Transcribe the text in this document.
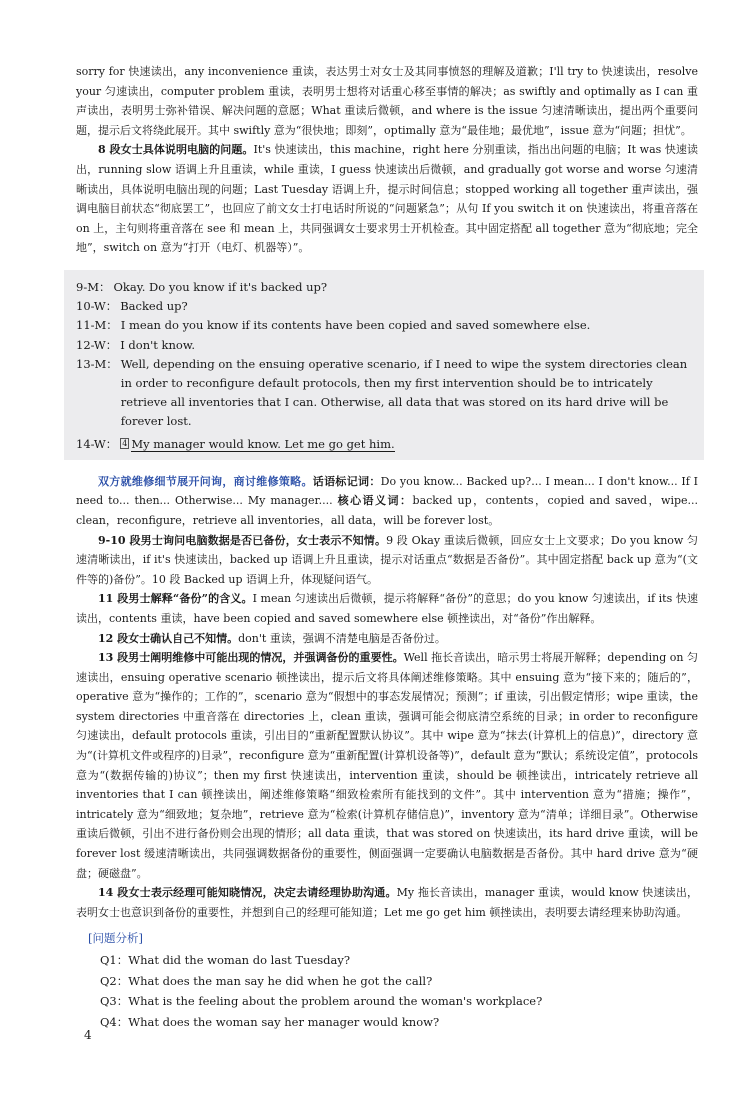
sorry for 快速读出，any inconvenience 重读，表达男士对女士及其同事愤怒的理解及道歉；I'll try to 快速读出，resolve your 匀速读出，computer problem 重读，表明男士想将对话重心移至事情的解决；as swiftly and optimally as I can 重声读出，表明男士弥补错误、解决问题的意愿；What 重读后微顿，and where is the issue 匀速清晰读出，提出两个重要问题，提示后文将绕此展开。其中 swiftly 意为“很快地；即刻”，optimally 意为“最佳地；最优地”，issue 意为“问题；担忧”。

8 段女士具体说明电脑的问题。It's 快速读出，this machine，right here 分别重读，指出出问题的电脑；It was 快速读出，running slow 语调上升且重读，while 重读，I guess 快速读出后微顿，and gradually got worse and worse 匀速清晰读出，具体说明电脑出现的问题；Last Tuesday 语调上升，提示时间信息；stopped working all together 重声读出，强调电脑目前状态“彻底罢工”，也回应了前文女士打电话时所说的“问题紧急”；从句 If you switch it on 快速读出，将重音落在 on 上，主句则将重音落在 see 和 mean 上，共同强调女士要求男士开机检查。其中固定搭配 all together 意为“彻底地；完全地”，switch on 意为“打开（电灯、机器等）”。

9-M： Okay. Do you know if it's backed up?
10-W： Backed up?
11-M： I mean do you know if its contents have been copied and saved somewhere else.
12-W： I don't know.
13-M： Well, depending on the ensuing operative scenario, if I need to wipe the system directories clean in order to reconfigure default protocols, then my first intervention should be to intricately retrieve all inventories that I can. Otherwise, all data that was stored on its hard drive will be forever lost.
14-W： 4 My manager would know. Let me go get him.

双方就维修细节展开问询，商讨维修策略。话语标记词：Do you know... Backed up?... I mean... I don't know... If I need to... then... Otherwise... My manager.... 核心语义词：backed up，contents，copied and saved，wipe... clean，reconfigure，retrieve all inventories，all data，will be forever lost。

9-10 段男士询问电脑数据是否已备份，女士表示不知情。9 段 Okay 重读后微顿，回应女士上文要求；Do you know 匀速清晰读出，if it's 快速读出，backed up 语调上升且重读，提示对话重点“数据是否备份”。其中固定搭配 back up 意为“(文件等的)备份”。10 段 Backed up 语调上升，体现疑问语气。

11 段男士解释“备份”的含义。I mean 匀速读出后微顿，提示将解释“备份”的意思；do you know 匀速读出，if its 快速读出，contents 重读，have been copied and saved somewhere else 顿挫读出，对“备份”作出解释。

12 段女士确认自己不知情。don't 重读，强调不清楚电脑是否备份过。

13 段男士阐明维修中可能出现的情况，并强调备份的重要性。Well 拖长音读出，暗示男士将展开解释；depending on 匀速读出，ensuing operative scenario 顿挫读出，提示后文将具体阐述维修策略。其中 ensuing 意为“接下来的；随后的”，operative 意为“操作的；工作的”，scenario 意为“假想中的事态发展情况；预测”；if 重读，引出假定情形；wipe 重读，the system directories 中重音落在 directories 上，clean 重读，强调可能会彻底清空系统的目录；in order to reconfigure 匀速读出，default protocols 重读，引出目的“重新配置默认协议”。其中 wipe 意为“抹去(计算机上的信息)”，directory 意为“(计算机文件或程序的)目录”，reconfigure 意为“重新配置(计算机设备等)”，default 意为“默认；系统设定值”，protocols 意为“(数据传输的)协议”；then my first 快速读出，intervention 重读，should be 顿挫读出，intricately retrieve all inventories that I can 顿挫读出，阐述维修策略“细致检索所有能找到的文件”。其中 intervention 意为“措施；操作”，intricately 意为“细致地；复杂地”，retrieve 意为“检索(计算机存储信息)”，inventory 意为“清单；详细目录”。Otherwise 重读后微顿，引出不进行备份则会出现的情形；all data 重读，that was stored on 快速读出，its hard drive 重读，will be forever lost 缓速清晰读出，共同强调数据备份的重要性，侧面强调一定要确认电脑数据是否备份。其中 hard drive 意为“硬盘；硬磁盘”。

14 段女士表示经理可能知晓情况，决定去请经理协助沟通。My 拖长音读出，manager 重读，would know 快速读出，表明女士也意识到备份的重要性，并想到自己的经理可能知道；Let me go get him 顿挫读出，表明要去请经理来协助沟通。

[问题分析]
Q1：What did the woman do last Tuesday?
Q2：What does the man say he did when he got the call?
Q3：What is the feeling about the problem around the woman's workplace?
Q4：What does the woman say her manager would know?
4
